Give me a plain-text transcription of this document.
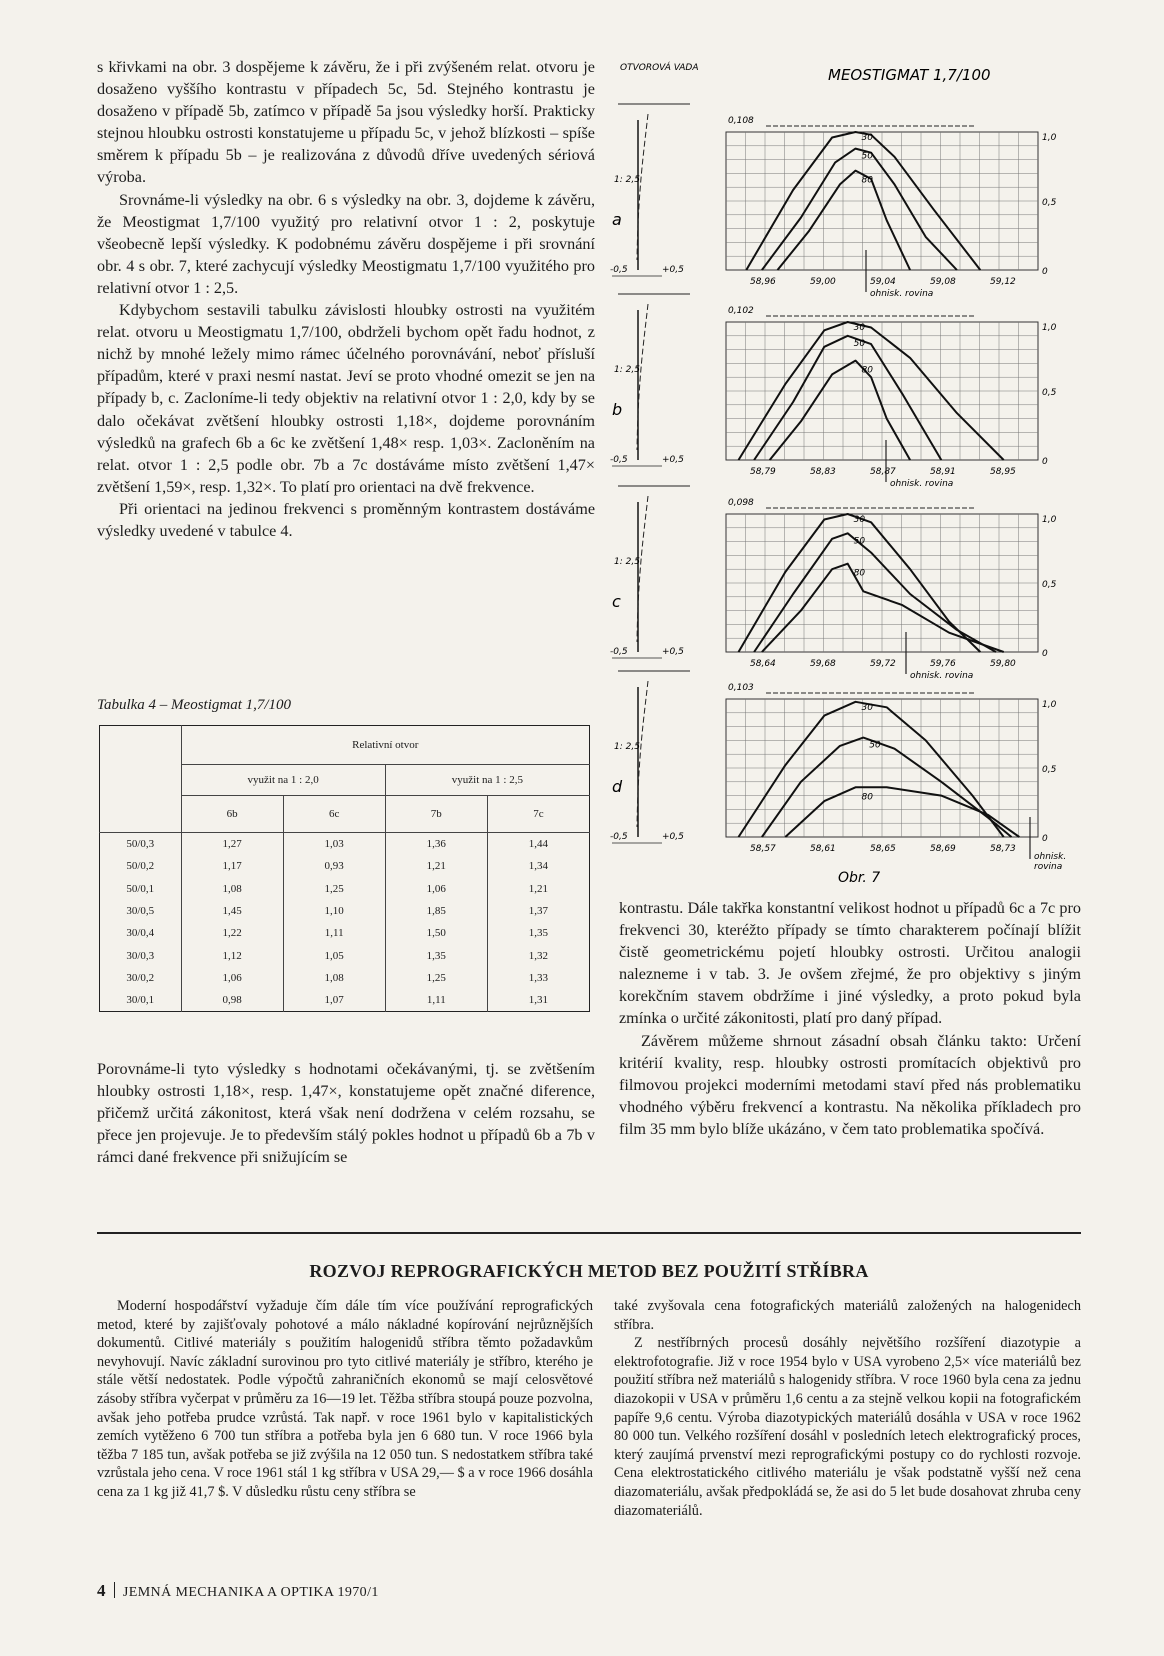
s křivkami na obr. 3 dospějeme k závěru, že i při zvýšeném relat. otvoru je dosaženo vyššího kontrastu v případech 5c, 5d. Stejného kontrastu je dosaženo v případě 5b, zatímco v případě 5a jsou výsledky horší. Prakticky stejnou hloubku ostrosti konstatujeme u případu 5c, v jehož blízkosti – spíše směrem k případu 5b – je realizována z důvodů dříve uvedených sériová výroba.

Srovnáme-li výsledky na obr. 6 s výsledky na obr. 3, dojdeme k závěru, že Meostigmat 1,7/100 využitý pro relativní otvor 1 : 2, poskytuje všeobecně lepší výsledky. K podobnému závěru dospějeme i při srovnání obr. 4 s obr. 7, které zachycují výsledky Meostigmatu 1,7/100 využitého pro relativní otvor 1 : 2,5.

Kdybychom sestavili tabulku závislosti hloubky ostrosti na využitém relat. otvoru u Meostigmatu 1,7/100, obdrželi bychom opět řadu hodnot, z nichž by mnohé ležely mimo rámec účelného porovnávání, neboť přísluší případům, které v praxi nesmí nastat. Jeví se proto vhodné omezit se jen na případy b, c. Zacloníme-li tedy objektiv na relativní otvor 1 : 2,0, kdy by se dalo očekávat zvětšení hloubky ostrosti 1,18×, dojdeme porovnáním výsledků na grafech 6b a 6c ke zvětšení 1,48× resp. 1,03×. Zacloněním na relat. otvor 1 : 2,5 podle obr. 7b a 7c dostáváme místo zvětšení 1,47× zvětšení 1,59×, resp. 1,32×. To platí pro orientaci na dvě frekvence.

Při orientaci na jedinou frekvenci s proměnným kontrastem dostáváme výsledky uvedené v tabulce 4.

Tabulka 4 – Meostigmat 1,7/100
	Relativní otvor			
	využit na 1 : 2,0		využit na 1 : 2,5	
	6b	6c	7b	7c
50/0,3	1,27	1,03	1,36	1,44
50/0,2	1,17	0,93	1,21	1,34
50/0,1	1,08	1,25	1,06	1,21
30/0,5	1,45	1,10	1,85	1,37
30/0,4	1,22	1,11	1,50	1,35
30/0,3	1,12	1,05	1,35	1,32
30/0,2	1,06	1,08	1,25	1,33
30/0,1	0,98	1,07	1,11	1,31

Porovnáme-li tyto výsledky s hodnotami očekávanými, tj. se zvětšením hloubky ostrosti 1,18×, resp. 1,47×, konstatujeme opět značné diference, přičemž určitá zákonitost, která však není dodržena v celém rozsahu, se přece jen projevuje. Je to především stálý pokles hodnot u případů 6b a 7b v rámci dané frekvence při snižujícím se

OTVOROVÁ VADA	MEOSTIGMAT 1,7/100
Obr. 7
1: 2,5
a
-0,5	+0,5
0,108
1,0
0,5
0
58,96	59,00	59,04	59,08	59,12
ohnisk. rovina
30
50
80
1: 2,5
b
-0,5	+0,5
0,102
1,0
0,5
0
58,79	58,83	58,87	58,91	58,95
ohnisk. rovina
30
50
80
1: 2,5
c
-0,5	+0,5
0,098
1,0
0,5
0
58,64	59,68	59,72	59,76	59,80
ohnisk. rovina
30
50
80
1: 2,5
d
-0,5	+0,5
0,103
1,0
0,5
0
58,57	58,61	58,65	58,69	58,73
ohnisk.
rovina
30
50
80

kontrastu. Dále takřka konstantní velikost hodnot u případů 6c a 7c pro frekvenci 30, kteréžto případy se tímto charakterem počínají blížit čistě geometrickému pojetí hloubky ostrosti. Určitou analogii nalezneme i v tab. 3. Je ovšem zřejmé, že pro objektivy s jiným korekčním stavem obdržíme i jiné výsledky, a proto pokud byla zmínka o určité zákonitosti, platí pro daný případ.

Závěrem můžeme shrnout zásadní obsah článku takto: Určení kritérií kvality, resp. hloubky ostrosti promítacích objektivů pro filmovou projekci moderními metodami staví před nás problematiku vhodného výběru frekvencí a kontrastu. Na několika příkladech pro film 35 mm bylo blíže ukázáno, v čem tato problematika spočívá.

ROZVOJ REPROGRAFICKÝCH METOD BEZ POUŽITÍ STŘÍBRA

Moderní hospodářství vyžaduje čím dále tím více používání reprografických metod, které by zajišťovaly pohotové a málo nákladné kopírování nejrůznějších dokumentů. Citlivé materiály s použitím halogenidů stříbra těmto požadavkům nevyhovují. Navíc základní surovinou pro tyto citlivé materiály je stříbro, kterého je stále větší nedostatek. Podle výpočtů zahraničních ekonomů se mají celosvětové zásoby stříbra vyčerpat v průměru za 16—19 let. Těžba stříbra stoupá pouze pozvolna, avšak jeho potřeba prudce vzrůstá. Tak např. v roce 1961 bylo v kapitalistických zemích vytěženo 6 700 tun stříbra a potřeba byla jen 6 680 tun. V roce 1966 byla těžba 7 185 tun, avšak potřeba se již zvýšila na 12 050 tun. S nedostatkem stříbra také vzrůstala jeho cena. V roce 1961 stál 1 kg stříbra v USA 29,— $ a v roce 1966 dosáhla cena za 1 kg již 41,7 $. V důsledku růstu ceny stříbra se

také zvyšovala cena fotografických materiálů založených na halogenidech stříbra.

Z nestříbrných procesů dosáhly největšího rozšíření diazotypie a elektrofotografie. Již v roce 1954 bylo v USA vyrobeno 2,5× více materiálů bez použití stříbra než materiálů s halogenidy stříbra. V roce 1960 byla cena za jednu diazokopii v USA v průměru 1,6 centu a za stejně velkou kopii na fotografickém papíře 9,6 centu. Výroba diazotypických materiálů dosáhla v USA v roce 1962 80 000 tun. Velkého rozšíření dosáhl v posledních letech elektrografický proces, který zaujímá prvenství mezi reprografickými postupy co do rychlosti rozvoje. Cena elektrostatického citlivého materiálu je však podstatně vyšší než cena diazomateriálu, avšak předpokládá se, že asi do 5 let bude dosahovat zhruba ceny diazomateriálů.

4 JEMNÁ MECHANIKA A OPTIKA 1970/1
